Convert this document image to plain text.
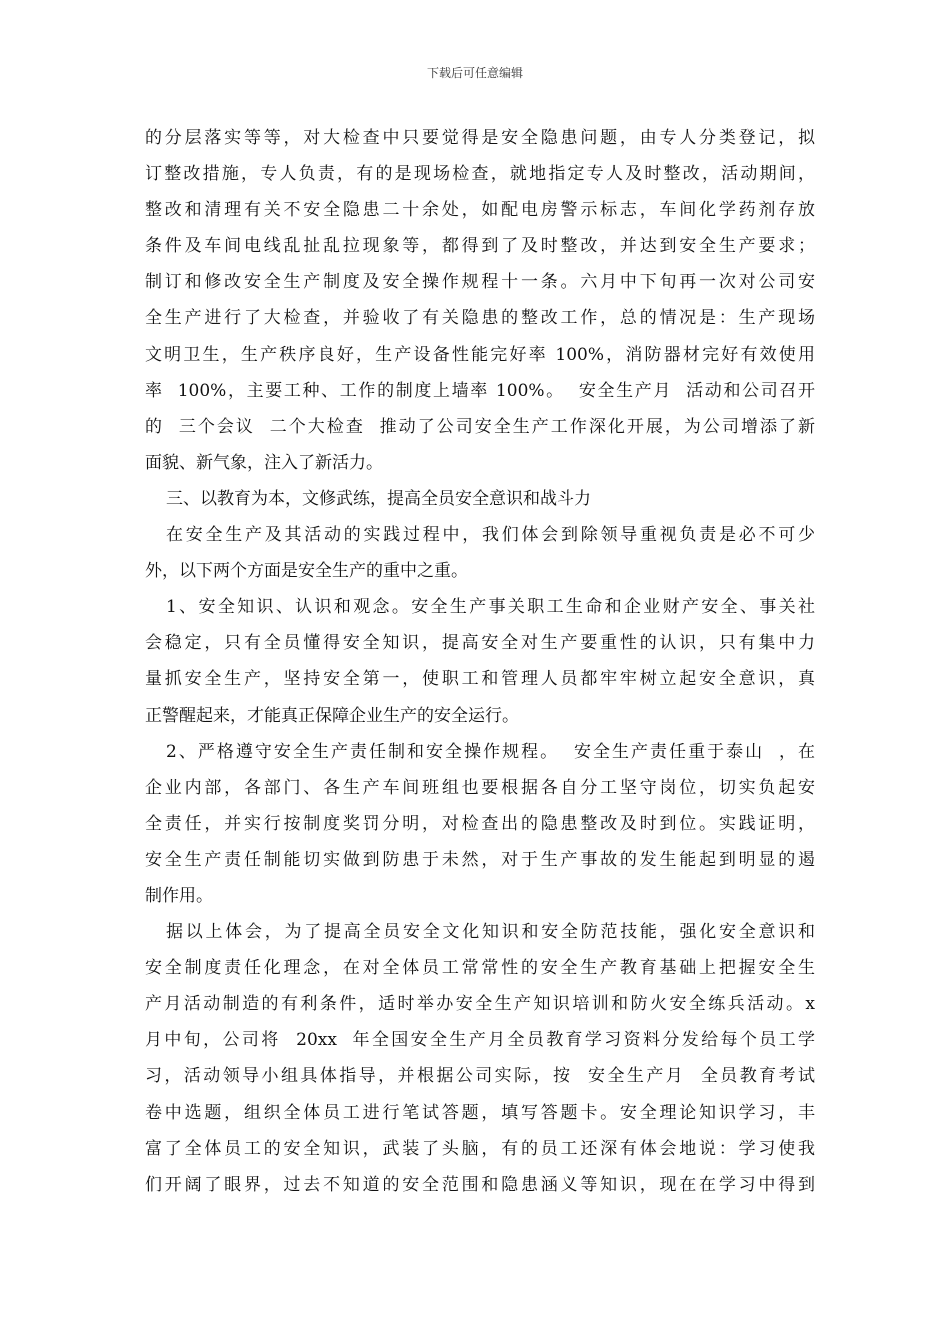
下载后可任意编辑
的分层落实等等，对大检查中只要觉得是安全隐患问题，由专人分类登记，拟
订整改措施，专人负责，有的是现场检查，就地指定专人及时整改，活动期间，
整改和清理有关不安全隐患二十余处，如配电房警示标志，车间化学药剂存放
条件及车间电线乱扯乱拉现象等，都得到了及时整改，并达到安全生产要求；
制订和修改安全生产制度及安全操作规程十一条。六月中下旬再一次对公司安
全生产进行了大检查，并验收了有关隐患的整改工作，总的情况是：生产现场
文明卫生，生产秩序良好，生产设备性能完好率 100%，消防器材完好有效使用
率  100%，主要工种、工作的制度上墙率 100%。  安全生产月  活动和公司召开
的  三个会议  二个大检查  推动了公司安全生产工作深化开展，为公司增添了新
面貌、新气象，注入了新活力。
三、以教育为本，文修武练，提高全员安全意识和战斗力
在安全生产及其活动的实践过程中，我们体会到除领导重视负责是必不可少
外，以下两个方面是安全生产的重中之重。
1、安全知识、认识和观念。安全生产事关职工生命和企业财产安全、事关社
会稳定，只有全员懂得安全知识，提高安全对生产要重性的认识，只有集中力
量抓安全生产，坚持安全第一，使职工和管理人员都牢牢树立起安全意识，真
正警醒起来，才能真正保障企业生产的安全运行。
2、严格遵守安全生产责任制和安全操作规程。  安全生产责任重于泰山  ，在
企业内部，各部门、各生产车间班组也要根据各自分工坚守岗位，切实负起安
全责任，并实行按制度奖罚分明，对检查出的隐患整改及时到位。实践证明，
安全生产责任制能切实做到防患于未然，对于生产事故的发生能起到明显的遏
制作用。
据以上体会，为了提高全员安全文化知识和安全防范技能，强化安全意识和
安全制度责任化理念，在对全体员工常常性的安全生产教育基础上把握安全生
产月活动制造的有利条件，适时举办安全生产知识培训和防火安全练兵活动。x
月中旬，公司将  20xx  年全国安全生产月全员教育学习资料分发给每个员工学
习，活动领导小组具体指导，并根据公司实际，按  安全生产月  全员教育考试
卷中选题，组织全体员工进行笔试答题，填写答题卡。安全理论知识学习，丰
富了全体员工的安全知识，武装了头脑，有的员工还深有体会地说：学习使我
们开阔了眼界，过去不知道的安全范围和隐患涵义等知识，现在在学习中得到
